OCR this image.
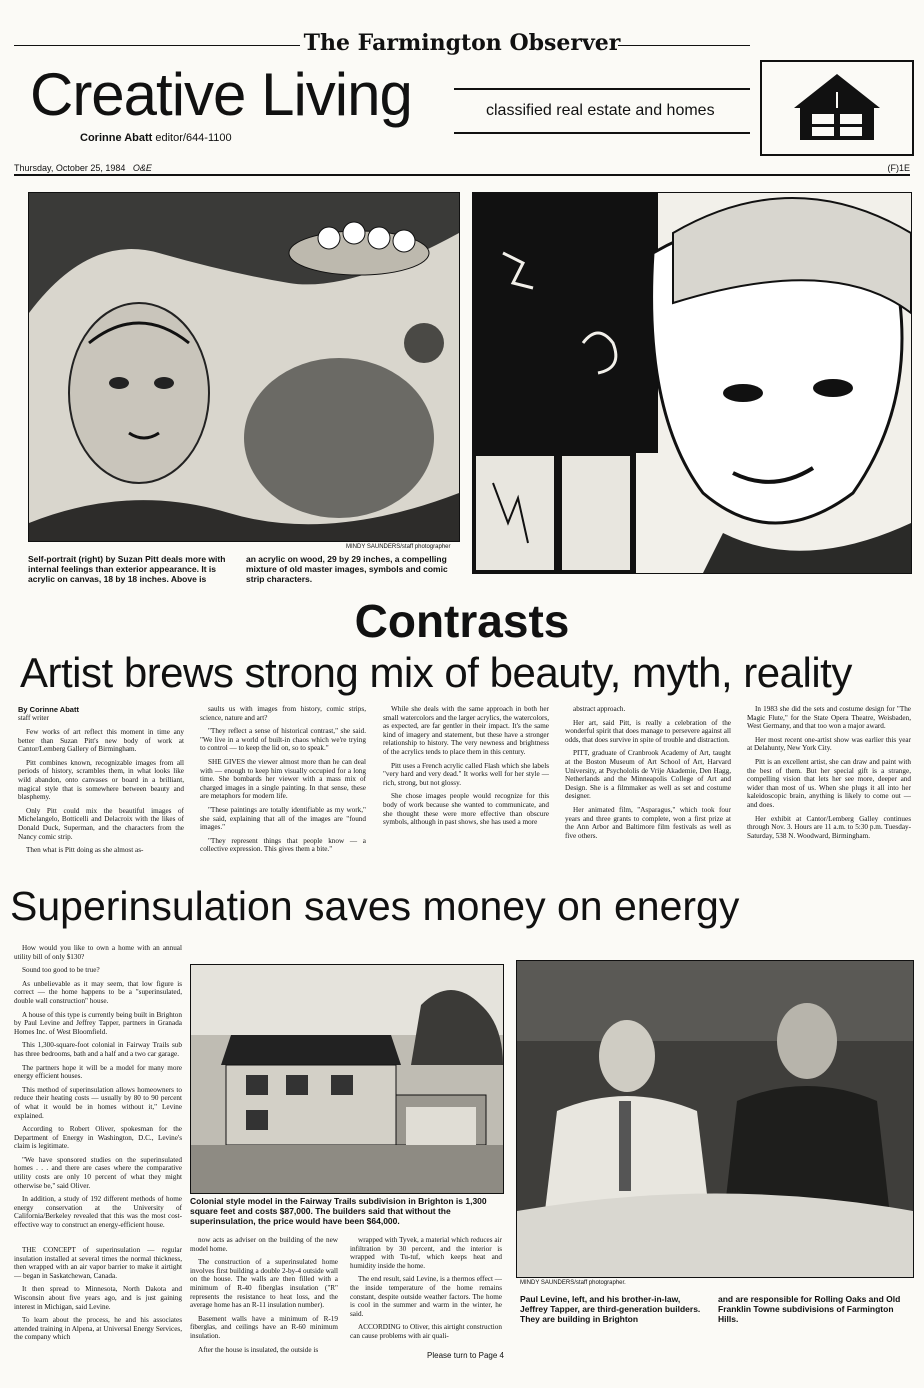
The Farmington Observer
Creative Living
Corinne Abatt editor/644-1100
classified real estate and homes
Thursday, October 25, 1984 O&E	(F)1E
MINDY SAUNDERS/staff photographer
Self-portrait (right) by Suzan Pitt deals more with internal feelings than exterior appearance. It is acrylic on canvas, 18 by 18 inches. Above is
an acrylic on wood, 29 by 29 inches, a compelling mixture of old master images, symbols and comic strip characters.
Contrasts
Artist brews strong mix of beauty, myth, reality
By Corinne Abatt
staff writer

Few works of art reflect this moment in time any better than Suzan Pitt's new body of work at Cantor/Lemberg Gallery of Birmingham.

Pitt combines known, recognizable images from all periods of history, scrambles them, in what looks like wild abandon, onto canvases or board in a brilliant, magical style that is somewhere between beauty and blasphemy.

Only Pitt could mix the beautiful images of Michelangelo, Botticelli and Delacroix with the likes of Donald Duck, Superman, and the characters from the Nancy comic strip.

Then what is Pitt doing as she almost as-

saults us with images from history, comic strips, science, nature and art?

"They reflect a sense of historical contrast," she said. "We live in a world of built-in chaos which we're trying to control — to keep the lid on, so to speak."

SHE GIVES the viewer almost more than he can deal with — enough to keep him visually occupied for a long time. She bombards her viewer with a mass mix of charged images in a single painting. In that sense, these are metaphors for modern life.

"These paintings are totally identifiable as my work," she said, explaining that all of the images are "found images."

"They represent things that people know — a collective expression. This gives them a bite."

While she deals with the same approach in both her small watercolors and the larger acrylics, the watercolors, as expected, are far gentler in their impact. It's the same kind of imagery and statement, but these have a stronger relationship to history. The very newness and brightness of the acrylics tends to place them in this century.

Pitt uses a French acrylic called Flash which she labels "very hard and very dead." It works well for her style — rich, strong, but not glossy.

She chose images people would recognize for this body of work because she wanted to communicate, and she thought these were more effective than obscure symbols, although in past shows, she has used a more

abstract approach.

Her art, said Pitt, is really a celebration of the wonderful spirit that does manage to persevere against all odds, that does survive in spite of trouble and distraction.

PITT, graduate of Cranbrook Academy of Art, taught at the Boston Museum of Art School of Art, Harvard University, at Psychololis de Vrije Akademie, Den Hagg, Netherlands and the Minneapolis College of Art and Design. She is a filmmaker as well as set and costume designer.

Her animated film, "Asparagus," which took four years and three grants to complete, won a first prize at the Ann Arbor and Baltimore film festivals as well as five others.

In 1983 she did the sets and costume design for "The Magic Flute," for the State Opera Theatre, Weisbaden, West Germany, and that too won a major award.

Her most recent one-artist show was earlier this year at Delahunty, New York City.

Pitt is an excellent artist, she can draw and paint with the best of them. But her special gift is a strange, compelling vision that lets her see more, deeper and wider than most of us. When she plugs it all into her kaleidoscopic brain, anything is likely to come out — and does.

Her exhibit at Cantor/Lemberg Galley continues through Nov. 3. Hours are 11 a.m. to 5:30 p.m. Tuesday-Saturday, 538 N. Woodward, Birmingham.

Superinsulation saves money on energy

How would you like to own a home with an annual utility bill of only $130?

Sound too good to be true?

As unbelievable as it may seem, that low figure is correct — the home happens to be a "superinsulated, double wall construction" house.

A house of this type is currently being built in Brighton by Paul Levine and Jeffrey Tapper, partners in Granada Homes Inc. of West Bloomfield.

This 1,300-square-foot colonial in Fairway Trails sub has three bedrooms, bath and a half and a two car garage.

The partners hope it will be a model for many more energy efficient houses.

This method of superinsulation allows homeowners to reduce their heating costs — usually by 80 to 90 percent of what it would be in homes without it," Levine explained.

According to Robert Oliver, spokesman for the Department of Energy in Washington, D.C., Levine's claim is legitimate.

"We have sponsored studies on the superinsulated homes . . . and there are cases where the comparative utility costs are only 10 percent of what they might otherwise be," said Oliver.

In addition, a study of 192 different methods of home energy conservation at the University of California/Berkeley revealed that this was the most cost-effective way to construct an energy-efficient house.

THE CONCEPT of superinsulation — regular insulation installed at several times the normal thickness, then wrapped with an air vapor barrier to make it airtight — began in Saskatchewan, Canada.

It then spread to Minnesota, North Dakota and Wisconsin about five years ago, and is just gaining interest in Michigan, said Levine.

To learn about the process, he and his associates attended training in Alpena, at Universal Energy Services, the company which

Colonial style model in the Fairway Trails subdivision in Brighton is 1,300 square feet and costs $87,000. The builders said that without the superinsulation, the price would have been $64,000.

now acts as adviser on the building of the new model home.

The construction of a superinsulated home involves first building a double 2-by-4 outside wall on the house. The walls are then filled with a minimum of R-40 fiberglas insulation ("R" represents the resistance to heat loss, and the average home has an R-11 insulation number).

Basement walls have a minimum of R-19 fiberglas, and ceilings have an R-60 minimum insulation.

After the house is insulated, the outside is

wrapped with Tyvek, a material which reduces air infiltration by 30 percent, and the interior is wrapped with Tu-tuf, which keeps heat and humidity inside the home.

The end result, said Levine, is a thermos effect — the inside temperature of the home remains constant, despite outside weather factors. The home is cool in the summer and warm in the winter, he said.

ACCORDING to Oliver, this airtight construction can cause problems with air quali-

MINDY SAUNDERS/staff photographer.
Paul Levine, left, and his brother-in-law, Jeffrey Tapper, are third-generation builders. They are building in Brighton
and are responsible for Rolling Oaks and Old Franklin Towne subdivisions of Farmington Hills.
Please turn to Page 4
